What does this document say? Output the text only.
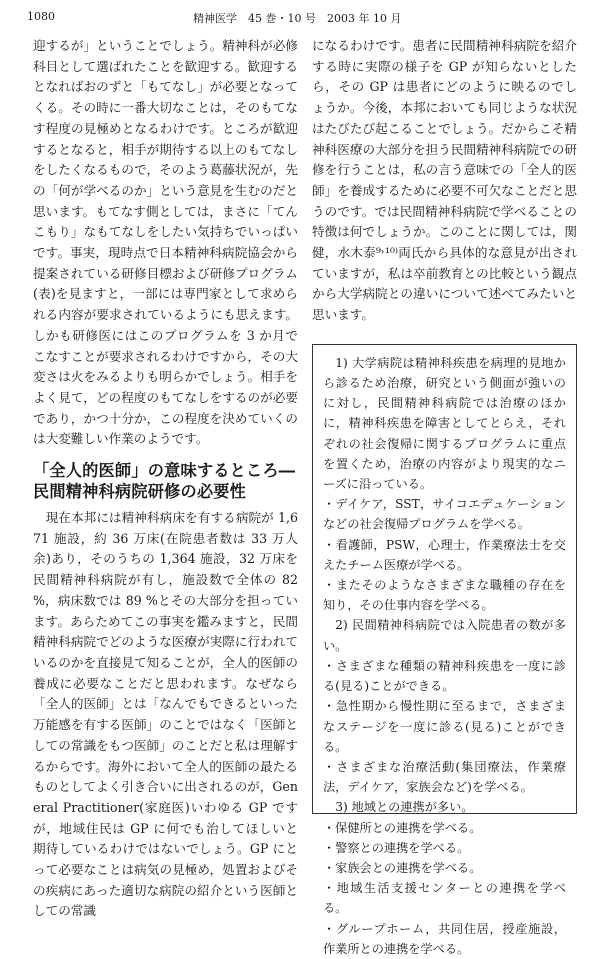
1080	精神医学　45 巻・10 号　2003 年 10 月

迎するが」ということでしょう。精神科が必修科目として選ばれたことを歓迎する。歓迎するとなればおのずと「もてなし」が必要となってくる。その時に一番大切なことは，そのもてなす程度の見極めとなるわけです。ところが歓迎するとなると，相手が期待する以上のもてなしをしたくなるもので，そのよう葛藤状況が，先の「何が学べるのか」という意見を生むのだと思います。もてなす側としては，まさに「てんこもり」なもてなしをしたい気持ちでいっぱいです。事実，現時点で日本精神科病院協会から提案されている研修目標および研修プログラム(表)を見ますと，一部には専門家として求められる内容が要求されているようにも思えます。しかも研修医にはこのプログラムを 3 か月でこなすことが要求されるわけですから，その大変さは火をみるよりも明らかでしょう。相手をよく見て，どの程度のもてなしをするのが必要であり，かつ十分か，この程度を決めていくのは大変難しい作業のようです。

「全人的医師」の意味するところ―
民間精神科病院研修の必要性

現在本邦には精神科病床を有する病院が 1,671 施設，約 36 万床(在院患者数は 33 万人余)あり，そのうちの 1,364 施設，32 万床を民間精神科病院が有し，施設数で全体の 82 %，病床数では 89 %とその大部分を担っています。あらためてこの事実を鑑みますと，民間精神科病院でどのような医療が実際に行われているのかを直接見て知ることが，全人的医師の養成に必要なことだと思われます。なぜなら「全人的医師」とは「なんでもできるといった万能感を有する医師」のことではなく「医師としての常識をもつ医師」のことだと私は理解するからです。海外において全人的医師の最たるものとしてよく引き合いに出されるのが，General Practitioner(家庭医)いわゆる GP ですが，地域住民は GP に何でも治してほしいと期待しているわけではないでしょう。GP にとって必要なことは病気の見極め，処置およびその疾病にあった適切な病院の紹介という医師としての常識

になるわけです。患者に民間精神科病院を紹介する時に実際の様子を GP が知らないとしたら，その GP は患者にどのように映るのでしょうか。今後，本邦においても同じような状況はたびたび起こることでしょう。だからこそ精神科医療の大部分を担う民間精神科病院での研修を行うことは，私の言う意味での「全人的医師」を養成するために必要不可欠なことだと思うのです。では民間精神科病院で学べることの特徴は何でしょうか。このことに関しては，関健，水木泰⁹˒¹⁰⁾両氏から具体的な意見が出されていますが，私は卒前教育との比較という観点から大学病院との違いについて述べてみたいと思います。

1) 大学病院は精神科疾患を病理的見地から診るため治療，研究という側面が強いのに対し，民間精神科病院では治療のほかに，精神科疾患を障害としてとらえ，それぞれの社会復帰に関するプログラムに重点を置くため，治療の内容がより現実的なニーズに沿っている。

・デイケア，SST，サイコエデュケーションなどの社会復帰プログラムを学べる。

・看護師，PSW，心理士，作業療法士を交えたチーム医療が学べる。

・またそのようなさまざまな職種の存在を知り，その仕事内容を学べる。

2) 民間精神科病院では入院患者の数が多い。

・さまざまな種類の精神科疾患を一度に診る(見る)ことができる。

・急性期から慢性期に至るまで，さまざまなステージを一度に診る(見る)ことができる。

・さまざまな治療活動(集団療法，作業療法，デイケア，家族会など)を学べる。

3) 地域との連携が多い。

・保健所との連携を学べる。

・警察との連携を学べる。

・家族会との連携を学べる。

・地域生活支援センターとの連携を学べる。

・グループホーム，共同住居，授産施設，作業所との連携を学べる。
